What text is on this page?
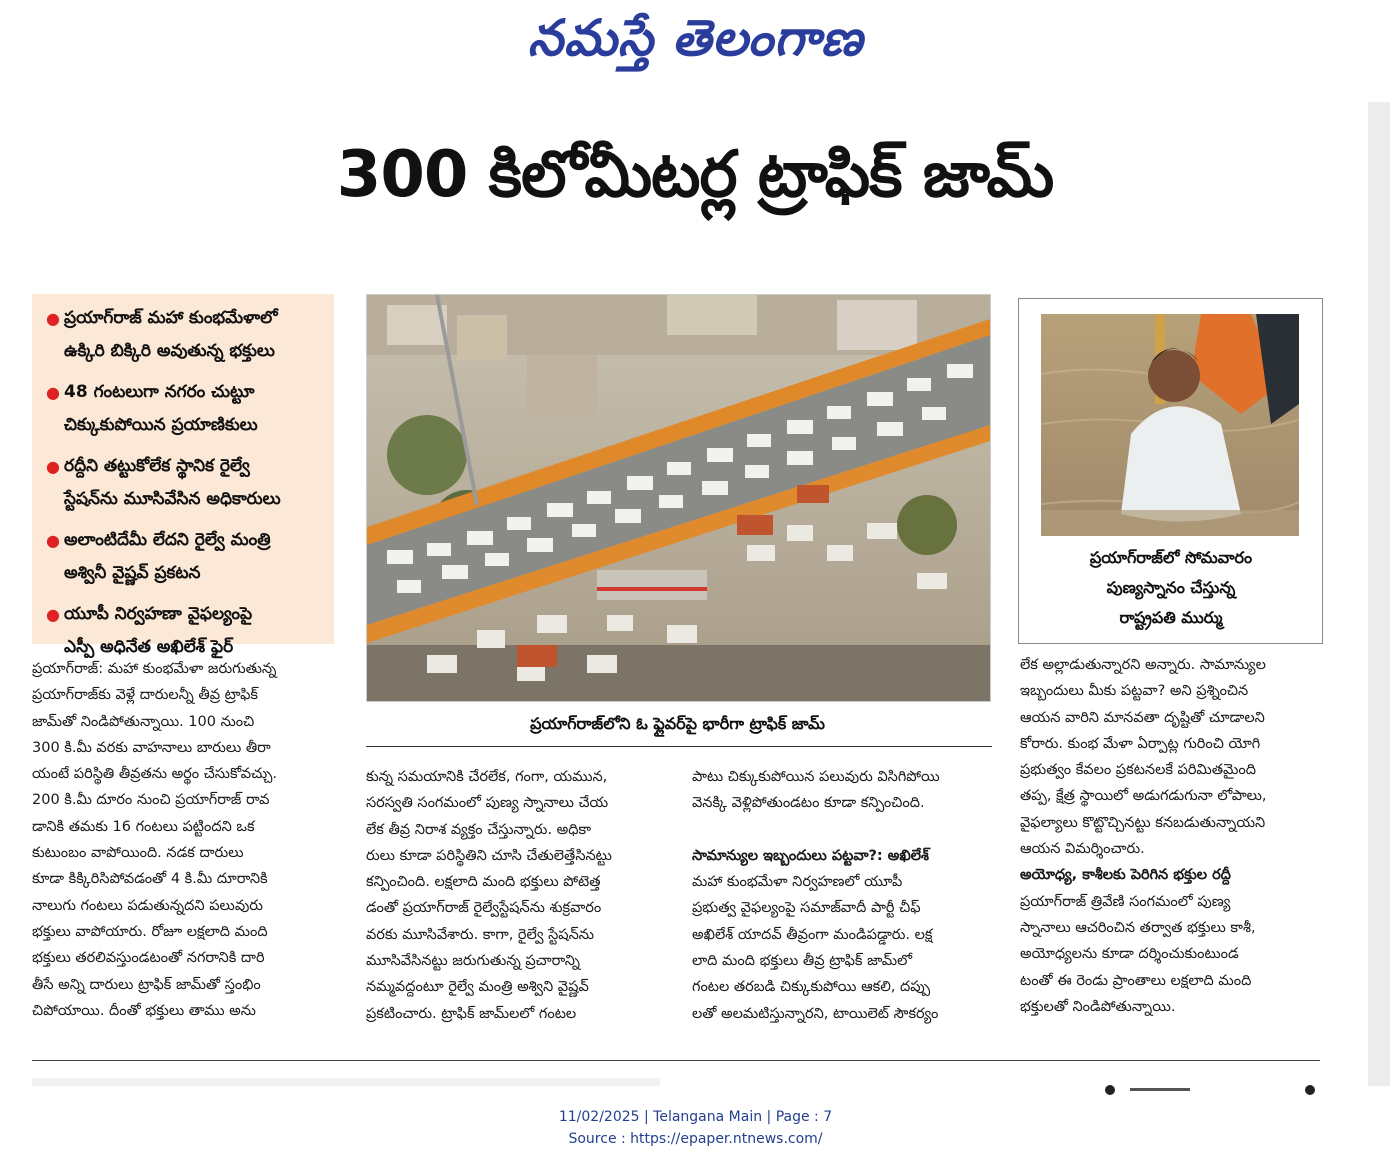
నమస్తే తెలంగాణ
300 కిలోమీటర్ల ట్రాఫిక్ జామ్
● ప్రయాగ్‌రాజ్ మహా కుంభమేళాలో
ఉక్కిరి బిక్కిరి అవుతున్న భక్తులు
● 48 గంటలుగా నగరం చుట్టూ
చిక్కుకుపోయిన ప్రయాణికులు
● రద్దీని తట్టుకోలేక స్థానిక రైల్వే
స్టేషన్‌ను మూసివేసిన అధికారులు
● అలాంటిదేమీ లేదని రైల్వే మంత్రి
అశ్వినీ వైష్ణవ్ ప్రకటన
● యూపీ నిర్వహణా వైఫల్యంపై
ఎస్పీ అధినేత అఖిలేశ్ ఫైర్
ప్రయాగ్‌రాజ్‌లోని ఓ ఫ్లైవర్‌పై భారీగా ట్రాఫిక్ జామ్
ప్రయాగ్‌రాజ్‌లో సోమవారం
పుణ్యస్నానం చేస్తున్న
రాష్ట్రపతి ముర్ము
ప్రయాగ్‌రాజ్: మహా కుంభమేళా జరుగుతున్న
ప్రయాగ్‌రాజ్‌కు వెళ్లే దారులన్నీ తీవ్ర ట్రాఫిక్
జామ్‌తో నిండిపోతున్నాయి. 100 నుంచి
300 కి.మీ వరకు వాహనాలు బారులు తీరా
యంటే పరిస్థితి తీవ్రతను అర్థం చేసుకోవచ్చు.
200 కి.మీ దూరం నుంచి ప్రయాగ్‌రాజ్ రావ
డానికి తమకు 16 గంటలు పట్టిందని ఒక
కుటుంబం వాపోయింది. నడక దారులు
కూడా కిక్కిరిసిపోవడంతో 4 కి.మీ దూరానికి
నాలుగు గంటలు పడుతున్నదని పలువురు
భక్తులు వాపోయారు. రోజూ లక్షలాది మంది
భక్తులు తరలివస్తుండటంతో నగరానికి దారి
తీసే అన్ని దారులు ట్రాఫిక్ జామ్‌తో స్తంభిం
చిపోయాయి. దీంతో భక్తులు తాము అను
కున్న సమయానికి చేరలేక, గంగా, యమున,
సరస్వతి సంగమంలో పుణ్య స్నానాలు చేయ
లేక తీవ్ర నిరాశ వ్యక్తం చేస్తున్నారు. అధికా
రులు కూడా పరిస్థితిని చూసి చేతులెత్తేసినట్టు
కన్పించింది. లక్షలాది మంది భక్తులు పోటెత్త
డంతో ప్రయాగ్‌రాజ్ రైల్వేస్టేషన్‌ను శుక్రవారం
వరకు మూసివేశారు. కాగా, రైల్వే స్టేషన్‌ను
మూసివేసినట్టు జరుగుతున్న ప్రచారాన్ని
నమ్మవద్దంటూ రైల్వే మంత్రి అశ్విని వైష్ణవ్
ప్రకటించారు. ట్రాఫిక్ జామ్‌లలో గంటల
పాటు చిక్కుకుపోయిన పలువురు విసిగిపోయి
వెనక్కి వెళ్లిపోతుండటం కూడా కన్పించింది.

సామాన్యుల ఇబ్బందులు పట్టవా?: అఖిలేశ్
మహా కుంభమేళా నిర్వహణలో యూపీ
ప్రభుత్వ వైఫల్యంపై సమాజ్‌వాదీ పార్టీ చీఫ్
అఖిలేశ్ యాదవ్ తీవ్రంగా మండిపడ్డారు. లక్ష
లాది మంది భక్తులు తీవ్ర ట్రాఫిక్ జామ్‌లో
గంటల తరబడి చిక్కుకుపోయి ఆకలి, దప్పు
లతో అలమటిస్తున్నారని, టాయిలెట్ సౌకర్యం
లేక అల్లాడుతున్నారని అన్నారు. సామాన్యుల
ఇబ్బందులు మీకు పట్టవా? అని ప్రశ్నించిన
ఆయన వారిని మానవతా దృష్టితో చూడాలని
కోరారు. కుంభ మేళా ఏర్పాట్ల గురించి యోగి
ప్రభుత్వం కేవలం ప్రకటనలకే పరిమితమైంది
తప్ప, క్షేత్ర స్థాయిలో అడుగడుగునా లోపాలు,
వైఫల్యాలు కొట్టొచ్చినట్టు కనబడుతున్నాయని
ఆయన విమర్శించారు.
అయోధ్య, కాశీలకు పెరిగిన భక్తుల రద్దీ
ప్రయాగ్‌రాజ్ త్రివేణి సంగమంలో పుణ్య
స్నానాలు ఆచరించిన తర్వాత భక్తులు కాశీ,
అయోధ్యలను కూడా దర్శించుకుంటుండ
టంతో ఈ రెండు ప్రాంతాలు లక్షలాది మంది
భక్తులతో నిండిపోతున్నాయి.
11/02/2025 | Telangana Main | Page : 7
Source : https://epaper.ntnews.com/
